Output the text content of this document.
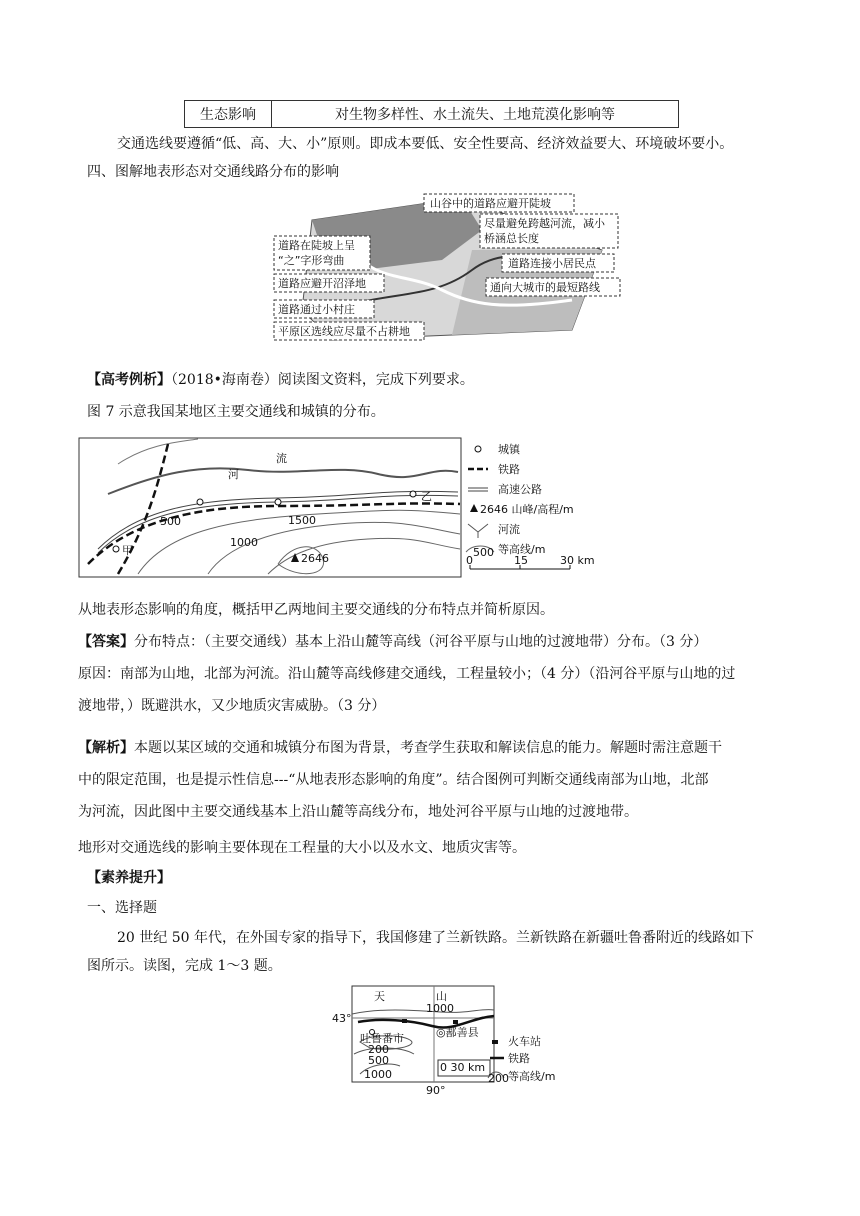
生态影响	对生物多样性、水土流失、土地荒漠化影响等
交通选线要遵循“低、高、大、小”原则。即成本要低、安全性要高、经济效益要大、环境破坏要小。
四、图解地表形态对交通线路分布的影响
山谷中的道路应避开陡坡
尽量避免跨越河流，减小
桥涵总长度
道路在陡坡上呈
“之”字形弯曲	道路连接小居民点
道路应避开沼泽地	通向大城市的最短路线
道路通过小村庄
平原区选线应尽量不占耕地
【高考例析】（2018•海南卷）阅读图文资料，完成下列要求。
图 7 示意我国某地区主要交通线和城镇的分布。
河
流
甲
乙
500
1000
1500
2646
城镇
铁路
高速公路
2646 山峰/高程/m
河流
500 等高线/m
0	15	30 km
从地表形态影响的角度，概括甲乙两地间主要交通线的分布特点并简析原因。
【答案】分布特点：（主要交通线）基本上沿山麓等高线（河谷平原与山地的过渡地带）分布。（3 分）
原因：南部为山地，北部为河流。沿山麓等高线修建交通线，工程量较小；（4 分）（沿河谷平原与山地的过
渡地带，）既避洪水，又少地质灾害威胁。（3 分）
【解析】本题以某区域的交通和城镇分布图为背景，考查学生获取和解读信息的能力。解题时需注意题干
中的限定范围，也是提示性信息---“从地表形态影响的角度”。结合图例可判断交通线南部为山地，北部
为河流，因此图中主要交通线基本上沿山麓等高线分布，地处河谷平原与山地的过渡地带。
地形对交通选线的影响主要体现在工程量的大小以及水文、地质灾害等。
【素养提升】
一、选择题
20 世纪 50 年代，在外国专家的指导下，我国修建了兰新铁路。兰新铁路在新疆吐鲁番附近的线路如下
图所示。读图，完成 1～3 题。
天	山
1000
43°
90°
吐鲁番市	◎鄯善县
200
500
1000
0 30 km
火车站
铁路
200 等高线/m
